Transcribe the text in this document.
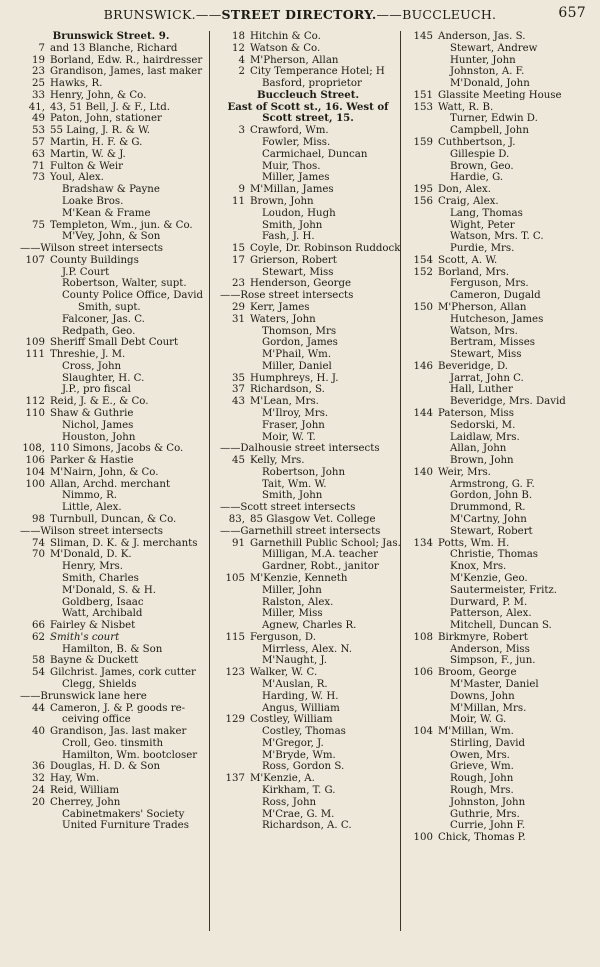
BRUNSWICK.——STREET DIRECTORY.——BUCCLEUCH.	657
Brunswick Street. 9.
7 and 13 Blanche, Richard
19 Borland, Edw. R., hairdresser
23 Grandison, James, last maker
25 Hawks, R.
33 Henry, John, & Co.
41, 43, 51 Bell, J. & F., Ltd.
49 Paton, John, stationer
53 55 Laing, J. R. & W.
57 Martin, H. F. & G.
63 Martin, W. & J.
71 Fulton & Weir
73 Youl, Alex.
Bradshaw & Payne
Loake Bros.
M'Kean & Frame
75 Templeton, Wm., jun. & Co.
M'Vey, John, & Son
——Wilson street intersects
107 County Buildings
J.P. Court
Robertson, Walter, supt.
County Police Office, David
Smith, supt.
Falconer, Jas. C.
Redpath, Geo.
109 Sheriff Small Debt Court
111 Threshie, J. M.
Cross, John
Slaughter, H. C.
J.P., pro fiscal
112 Reid, J. & E., & Co.
110 Shaw & Guthrie
Nichol, James
Houston, John
108, 110 Simons, Jacobs & Co.
106 Parker & Hastie
104 M'Nairn, John, & Co.
100 Allan, Archd. merchant
Nimmo, R.
Little, Alex.
98 Turnbull, Duncan, & Co.
——Wilson street intersects
74 Sliman, D. K. & J. merchants
70 M'Donald, D. K.
Henry, Mrs.
Smith, Charles
M'Donald, S. & H.
Goldberg, Isaac
Watt, Archibald
66 Fairley & Nisbet
62 Smith's court
Hamilton, B. & Son
58 Bayne & Duckett
54 Gilchrist. James, cork cutter
Clegg, Shields
——Brunswick lane here
44 Cameron, J. & P. goods re-
ceiving office
40 Grandison, Jas. last maker
Croll, Geo. tinsmith
Hamilton, Wm. bootcloser
36 Douglas, H. D. & Son
32 Hay, Wm.
24 Reid, William
20 Cherrey, John
Cabinetmakers' Society
United Furniture Trades
18 Hitchin & Co.
12 Watson & Co.
4 M'Pherson, Allan
2 City Temperance Hotel; H
Basford, proprietor
Buccleuch Street.
East of Scott st., 16. West of
Scott street, 15.
3 Crawford, Wm.
Fowler, Miss.
Carmichael, Duncan
Muir, Thos.
Miller, James
9 M'Millan, James
11 Brown, John
Loudon, Hugh
Smith, John
Fash, J. H.
15 Coyle, Dr. Robinson Ruddock
17 Grierson, Robert
Stewart, Miss
23 Henderson, George
——Rose street intersects
29 Kerr, James
31 Waters, John
Thomson, Mrs
Gordon, James
M'Phail, Wm.
Miller, Daniel
35 Humphreys, H. J.
37 Richardson, S.
43 M'Lean, Mrs.
M'Ilroy, Mrs.
Fraser, John
Moir, W. T.
——Dalhousie street intersects
45 Kelly, Mrs.
Robertson, John
Tait, Wm. W.
Smith, John
——Scott street intersects
83, 85 Glasgow Vet. College
——Garnethill street intersects
91 Garnethill Public School; Jas.
Milligan, M.A. teacher
Gardner, Robt., janitor
105 M'Kenzie, Kenneth
Miller, John
Ralston, Alex.
Miller, Miss
Agnew, Charles R.
115 Ferguson, D.
Mirrless, Alex. N.
M'Naught, J.
123 Walker, W. C.
M'Auslan, R.
Harding, W. H.
Angus, William
129 Costley, William
Costley, Thomas
M'Gregor, J.
M'Bryde, Wm.
Ross, Gordon S.
137 M'Kenzie, A.
Kirkham, T. G.
Ross, John
M'Crae, G. M.
Richardson, A. C.
145 Anderson, Jas. S.
Stewart, Andrew
Hunter, John
Johnston, A. F.
M'Donald, John
151 Glassite Meeting House
153 Watt, R. B.
Turner, Edwin D.
Campbell, John
159 Cuthbertson, J.
Gillespie D.
Brown, Geo.
Hardie, G.
195 Don, Alex.
156 Craig, Alex.
Lang, Thomas
Wight, Peter
Watson, Mrs. T. C.
Purdie, Mrs.
154 Scott, A. W.
152 Borland, Mrs.
Ferguson, Mrs.
Cameron, Dugald
150 M'Pherson, Allan
Hutcheson, James
Watson, Mrs.
Bertram, Misses
Stewart, Miss
146 Beveridge, D.
Jarrat, John C.
Hall, Luther
Beveridge, Mrs. David
144 Paterson, Miss
Sedorski, M.
Laidlaw, Mrs.
Allan, John
Brown, John
140 Weir, Mrs.
Armstrong, G. F.
Gordon, John B.
Drummond, R.
M'Cartny, John
Stewart, Robert
134 Potts, Wm. H.
Christie, Thomas
Knox, Mrs.
M'Kenzie, Geo.
Sautermeister, Fritz.
Durward, P. M.
Patterson, Alex.
Mitchell, Duncan S.
108 Birkmyre, Robert
Anderson, Miss
Simpson, F., jun.
106 Broom, George
M'Master, Daniel
Downs, John
M'Millan, Mrs.
Moir, W. G.
104 M'Millan, Wm.
Stirling, David
Owen, Mrs.
Grieve, Wm.
Rough, John
Rough, Mrs.
Johnston, John
Guthrie, Mrs.
Currie, John F.
100 Chick, Thomas P.
